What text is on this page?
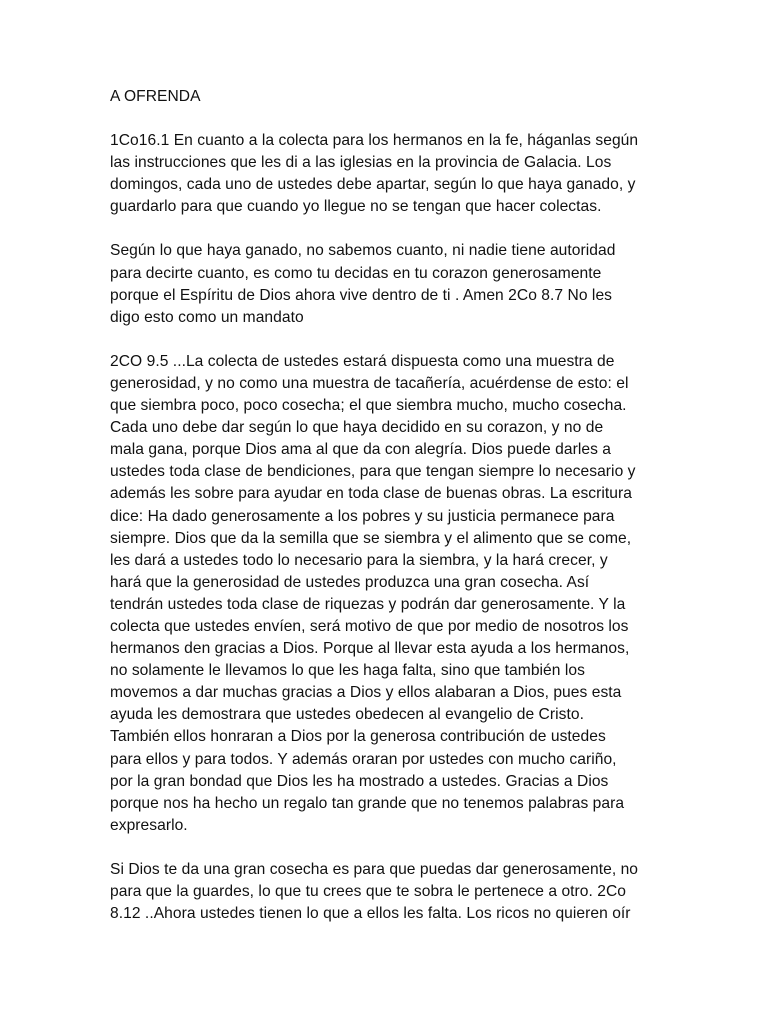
A OFRENDA

1Co16.1 En cuanto a la colecta para los hermanos en la fe, háganlas según
las instrucciones que les di a las iglesias en la provincia de Galacia. Los
domingos, cada uno de ustedes debe apartar, según lo que haya ganado, y
guardarlo para que cuando yo llegue no se tengan que hacer colectas.

Según lo que haya ganado, no sabemos cuanto, ni nadie tiene autoridad
para decirte cuanto, es como tu decidas en tu corazon generosamente
porque el Espíritu de Dios ahora vive dentro de ti . Amen 2Co 8.7 No les
digo esto como un mandato

2CO 9.5 ...La colecta de ustedes estará dispuesta como una muestra de
generosidad, y no como una muestra de tacañería, acuérdense de esto: el
que siembra poco, poco cosecha; el que siembra mucho, mucho cosecha.
Cada uno debe dar según lo que haya decidido en su corazon, y no de
mala gana, porque Dios ama al que da con alegría. Dios puede darles a
ustedes toda clase de bendiciones, para que tengan siempre lo necesario y
además les sobre para ayudar en toda clase de buenas obras. La escritura
dice: Ha dado generosamente a los pobres y su justicia permanece para
siempre. Dios que da la semilla que se siembra y el alimento que se come,
les dará a ustedes todo lo necesario para la siembra, y la hará crecer, y
hará que la generosidad de ustedes produzca una gran cosecha. Así
tendrán ustedes toda clase de riquezas y podrán dar generosamente. Y la
colecta que ustedes envíen, será motivo de que por medio de nosotros los
hermanos den gracias a Dios. Porque al llevar esta ayuda a los hermanos,
no solamente le llevamos lo que les haga falta, sino que también los
movemos a dar muchas gracias a Dios y ellos alabaran a Dios, pues esta
ayuda les demostrara que ustedes obedecen al evangelio de Cristo.
También ellos honraran a Dios por la generosa contribución de ustedes
para ellos y para todos. Y además oraran por ustedes con mucho cariño,
por la gran bondad que Dios les ha mostrado a ustedes. Gracias a Dios
porque nos ha hecho un regalo tan grande que no tenemos palabras para
expresarlo.

Si Dios te da una gran cosecha es para que puedas dar generosamente, no
para que la guardes, lo que tu crees que te sobra le pertenece a otro. 2Co
8.12 ..Ahora ustedes tienen lo que a ellos les falta. Los ricos no quieren oír
